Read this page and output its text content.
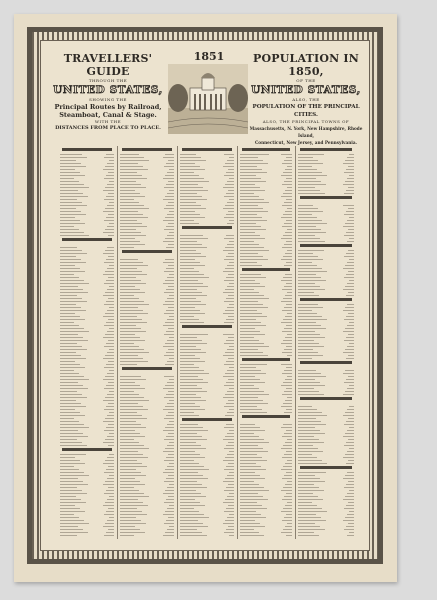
TRAVELLERS' GUIDE
THROUGH THE
UNITED STATES,
SHOWING THE
Principal Routes by Railroad,
Steamboat, Canal & Stage.
WITH THE
DISTANCES FROM PLACE TO PLACE.
1851	POPULATION IN 1850,
OF THE
UNITED STATES,
ALSO, THE
POPULATION OF THE PRINCIPAL CITIES.
ALSO, THE PRINCIPAL TOWNS OF
Massachusetts, N. York, New Hampshire, Rhode Island,
Connecticut, New Jersey, and Pennsylvania.
